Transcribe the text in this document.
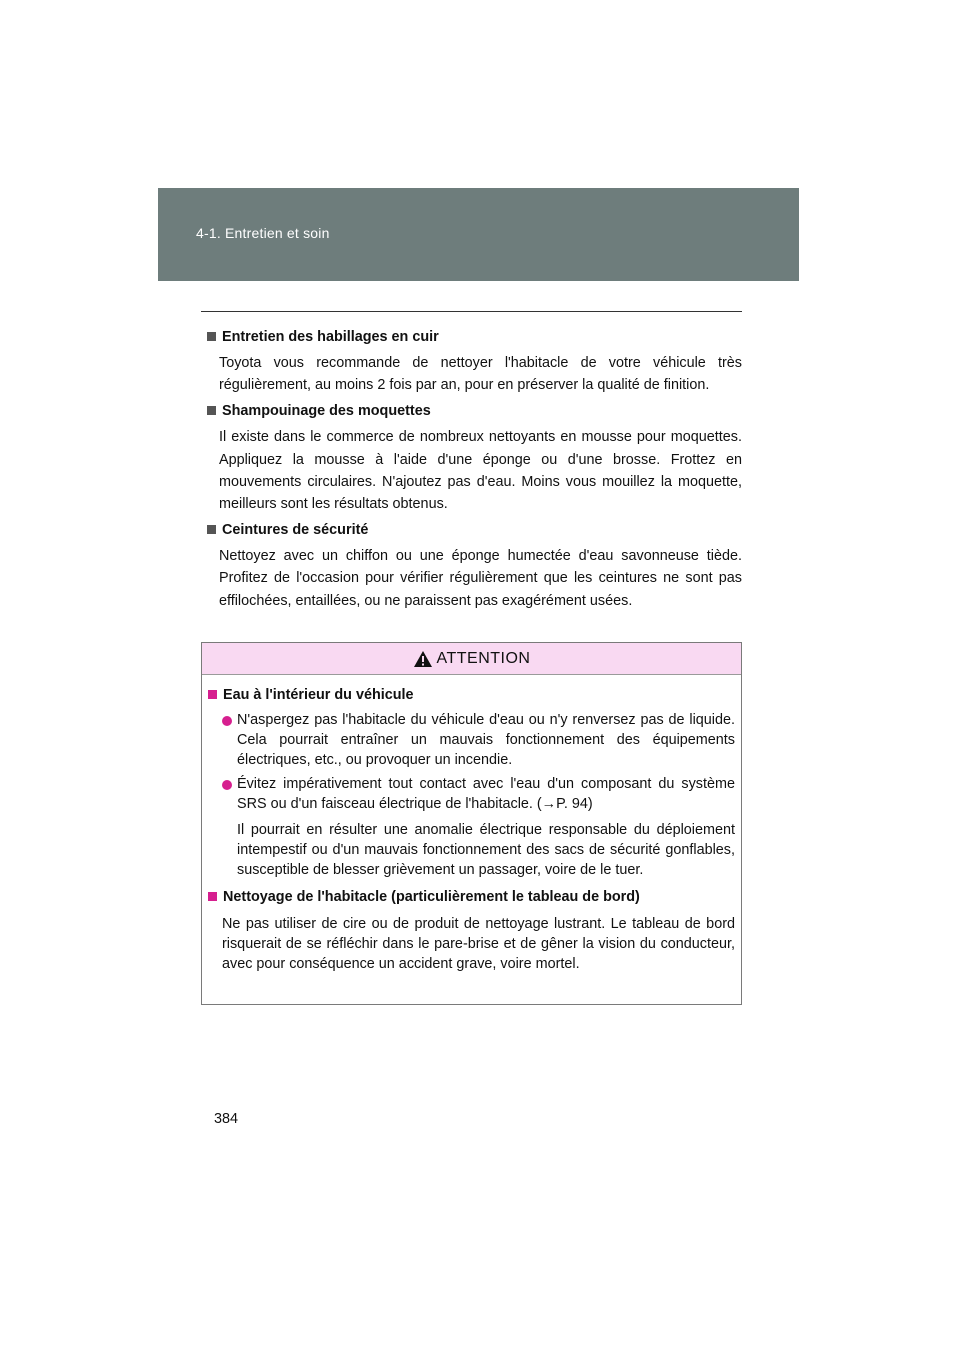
4-1. Entretien et soin
Entretien des habillages en cuir
Toyota vous recommande de nettoyer l'habitacle de votre véhicule très régulièrement, au moins 2 fois par an, pour en préserver la qualité de finition.
Shampouinage des moquettes
Il existe dans le commerce de nombreux nettoyants en mousse pour moquettes. Appliquez la mousse à l'aide d'une éponge ou d'une brosse. Frottez en mouvements circulaires. N'ajoutez pas d'eau. Moins vous mouillez la moquette, meilleurs sont les résultats obtenus.
Ceintures de sécurité
Nettoyez avec un chiffon ou une éponge humectée d'eau savonneuse tiède. Profitez de l'occasion pour vérifier régulièrement que les ceintures ne sont pas effilochées, entaillées, ou ne paraissent pas exagérément usées.
ATTENTION
Eau à l'intérieur du véhicule
N'aspergez pas l'habitacle du véhicule d'eau ou n'y renversez pas de liquide. Cela pourrait entraîner un mauvais fonctionnement des équipements électriques, etc., ou provoquer un incendie.
Évitez impérativement tout contact avec l'eau d'un composant du système SRS ou d'un faisceau électrique de l'habitacle. (→P. 94)
Il pourrait en résulter une anomalie électrique responsable du déploiement intempestif ou d'un mauvais fonctionnement des sacs de sécurité gonflables, susceptible de blesser grièvement un passager, voire de le tuer.
Nettoyage de l'habitacle (particulièrement le tableau de bord)
Ne pas utiliser de cire ou de produit de nettoyage lustrant. Le tableau de bord risquerait de se réfléchir dans le pare-brise et de gêner la vision du conducteur, avec pour conséquence un accident grave, voire mortel.
384
